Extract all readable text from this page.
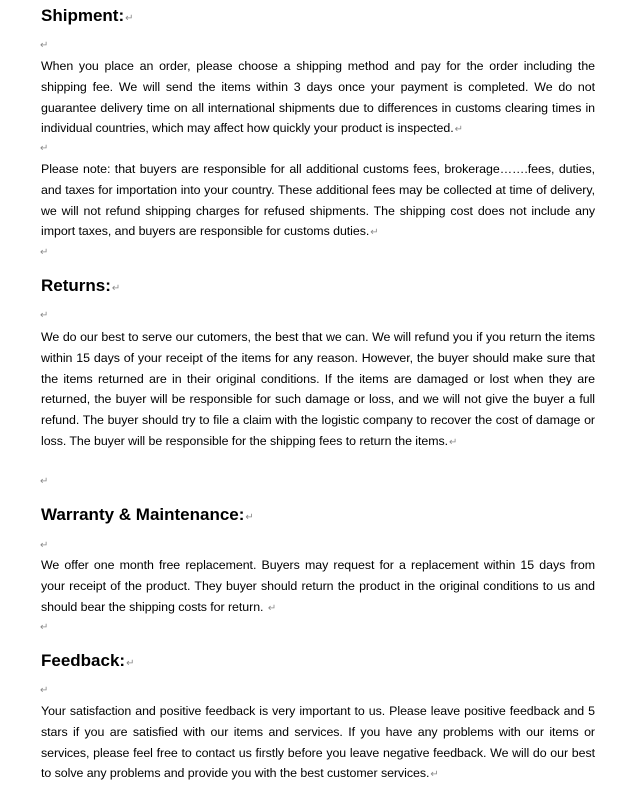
Shipment:↵
↵
When you place an order, please choose a shipping method and pay for the order including the shipping fee. We will send the items within 3 days once your payment is completed. We do not guarantee delivery time on all international shipments due to differences in customs clearing times in individual countries, which may affect how quickly your product is inspected.↵
↵
Please note: that buyers are responsible for all additional customs fees, brokerage…….fees, duties, and taxes for importation into your country. These additional fees may be collected at time of delivery, we will not refund shipping charges for refused shipments. The shipping cost does not include any import taxes, and buyers are responsible for customs duties.↵
↵
Returns:↵
↵
We do our best to serve our cutomers, the best that we can. We will refund you if you return the items within 15 days of your receipt of the items for any reason. However, the buyer should make sure that the items returned are in their original conditions. If the items are damaged or lost when they are returned, the buyer will be responsible for such damage or loss, and we will not give the buyer a full refund. The buyer should try to file a claim with the logistic company to recover the cost of damage or loss. The buyer will be responsible for the shipping fees to return the items.↵
↵
Warranty & Maintenance:↵
↵
We offer one month free replacement. Buyers may request for a replacement within 15 days from your receipt of the product. They buyer should return the product in the original conditions to us and should bear the shipping costs for return. ↵
↵
Feedback:↵
↵
Your satisfaction and positive feedback is very important to us. Please leave positive feedback and 5 stars if you are satisfied with our items and services. If you have any problems with our items or services, please feel free to contact us firstly before you leave negative feedback. We will do our best to solve any problems and provide you with the best customer services.↵
